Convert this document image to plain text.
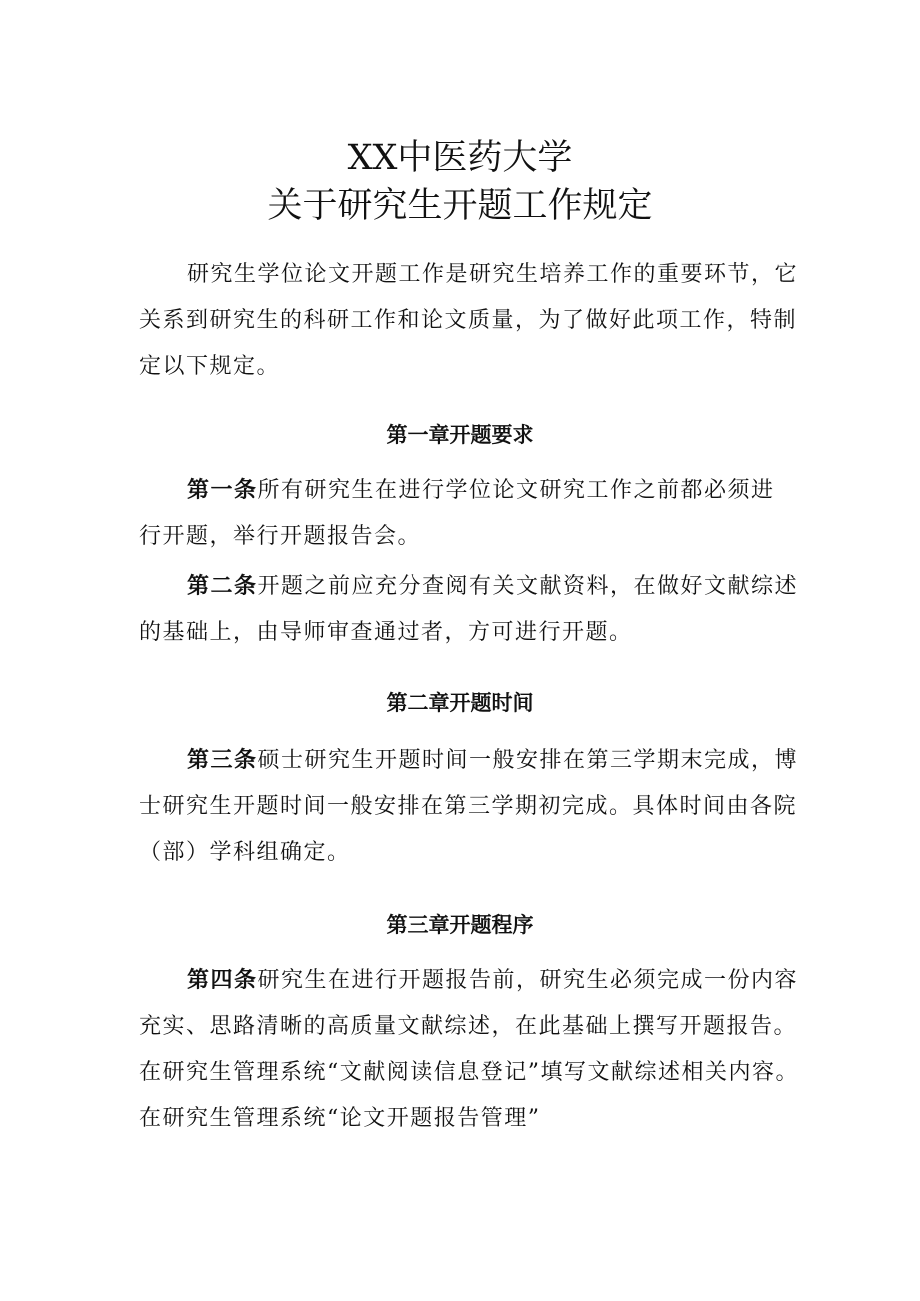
XX中医药大学
关于研究生开题工作规定
研究生学位论文开题工作是研究生培养工作的重要环节，它
关系到研究生的科研工作和论文质量，为了做好此项工作，特制
定以下规定。
第一章开题要求
第一条所有研究生在进行学位论文研究工作之前都必须进
行开题，举行开题报告会。
第二条开题之前应充分查阅有关文献资料，在做好文献综述
的基础上，由导师审查通过者，方可进行开题。
第二章开题时间
第三条硕士研究生开题时间一般安排在第三学期末完成，博
士研究生开题时间一般安排在第三学期初完成。具体时间由各院
（部）学科组确定。
第三章开题程序
第四条研究生在进行开题报告前，研究生必须完成一份内容
充实、思路清晰的高质量文献综述，在此基础上撰写开题报告。
在研究生管理系统“文献阅读信息登记”填写文献综述相关内容。
在研究生管理系统“论文开题报告管理”
